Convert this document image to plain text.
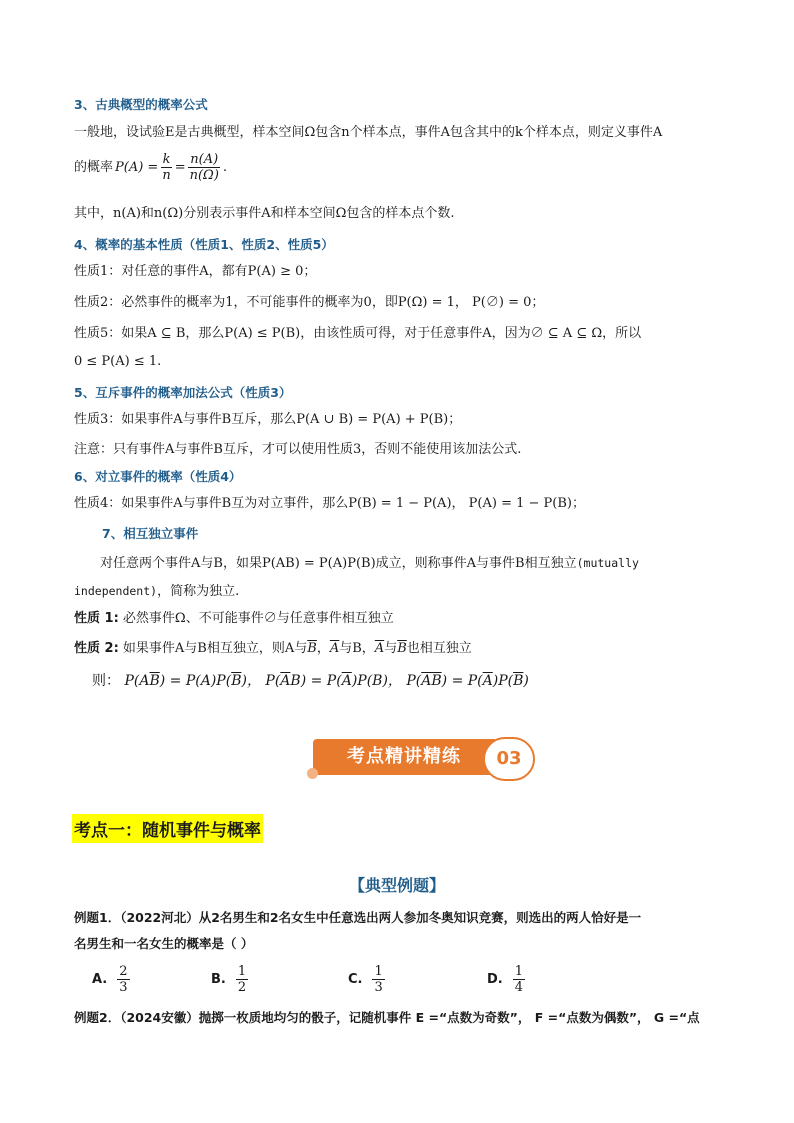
3、古典概型的概率公式
一般地，设试验E是古典概型，样本空间Ω包含n个样本点，事件A包含其中的k个样本点，则定义事件A
的概率 $P(A) = \frac{k}{n} = \frac{n(A)}{n(\Omega)}$ .
其中，n(A)和n(Ω)分别表示事件A和样本空间Ω包含的样本点个数.
4、概率的基本性质（性质1、性质2、性质5）
性质1：对任意的事件A，都有P(A) ≥ 0；
性质2：必然事件的概率为1，不可能事件的概率为0，即P(Ω) = 1， P(∅) = 0；
性质5：如果A ⊆ B，那么P(A) ≤ P(B)，由该性质可得，对于任意事件A，因为∅ ⊆ A ⊆ Ω，所以
0 ≤ P(A) ≤ 1.
5、互斥事件的概率加法公式（性质3）
性质3：如果事件A与事件B互斥，那么P(A ∪ B) = P(A) + P(B)；
注意：只有事件A与事件B互斥，才可以使用性质3，否则不能使用该加法公式.
6、对立事件的概率（性质4）
性质4：如果事件A与事件B互为对立事件，那么P(B) = 1 − P(A)， P(A) = 1 − P(B)；
7、相互独立事件
对任意两个事件A与B，如果P(AB) = P(A)P(B)成立，则称事件A与事件B相互独立(mutually
independent)，简称为独立.
性质 1: 必然事件Ω、不可能事件∅与任意事件相互独立
性质 2: 如果事件A与B相互独立，则A与$\overline{B}$，$\overline{A}$与B，$\overline{A}$与$\overline{B}$也相互独立
则： $P(A\overline{B}) = P(A)P(\overline{B})$， $P(\overline{A}B) = P(\overline{A})P(B)$， $P(\overline{AB}) = P(\overline{A})P(\overline{B})$
考点精讲精练	03
考点一：随机事件与概率
【典型例题】
例题1．（2022河北）从2名男生和2名女生中任意选出两人参加冬奥知识竞赛，则选出的两人恰好是一
名男生和一名女生的概率是（ ）
A. $\frac{2}{3}$	B. $\frac{1}{2}$	C. $\frac{1}{3}$	D. $\frac{1}{4}$
例题2．（2024安徽）抛掷一枚质地均匀的骰子，记随机事件 E =“点数为奇数”， F =“点数为偶数”， G =“点
